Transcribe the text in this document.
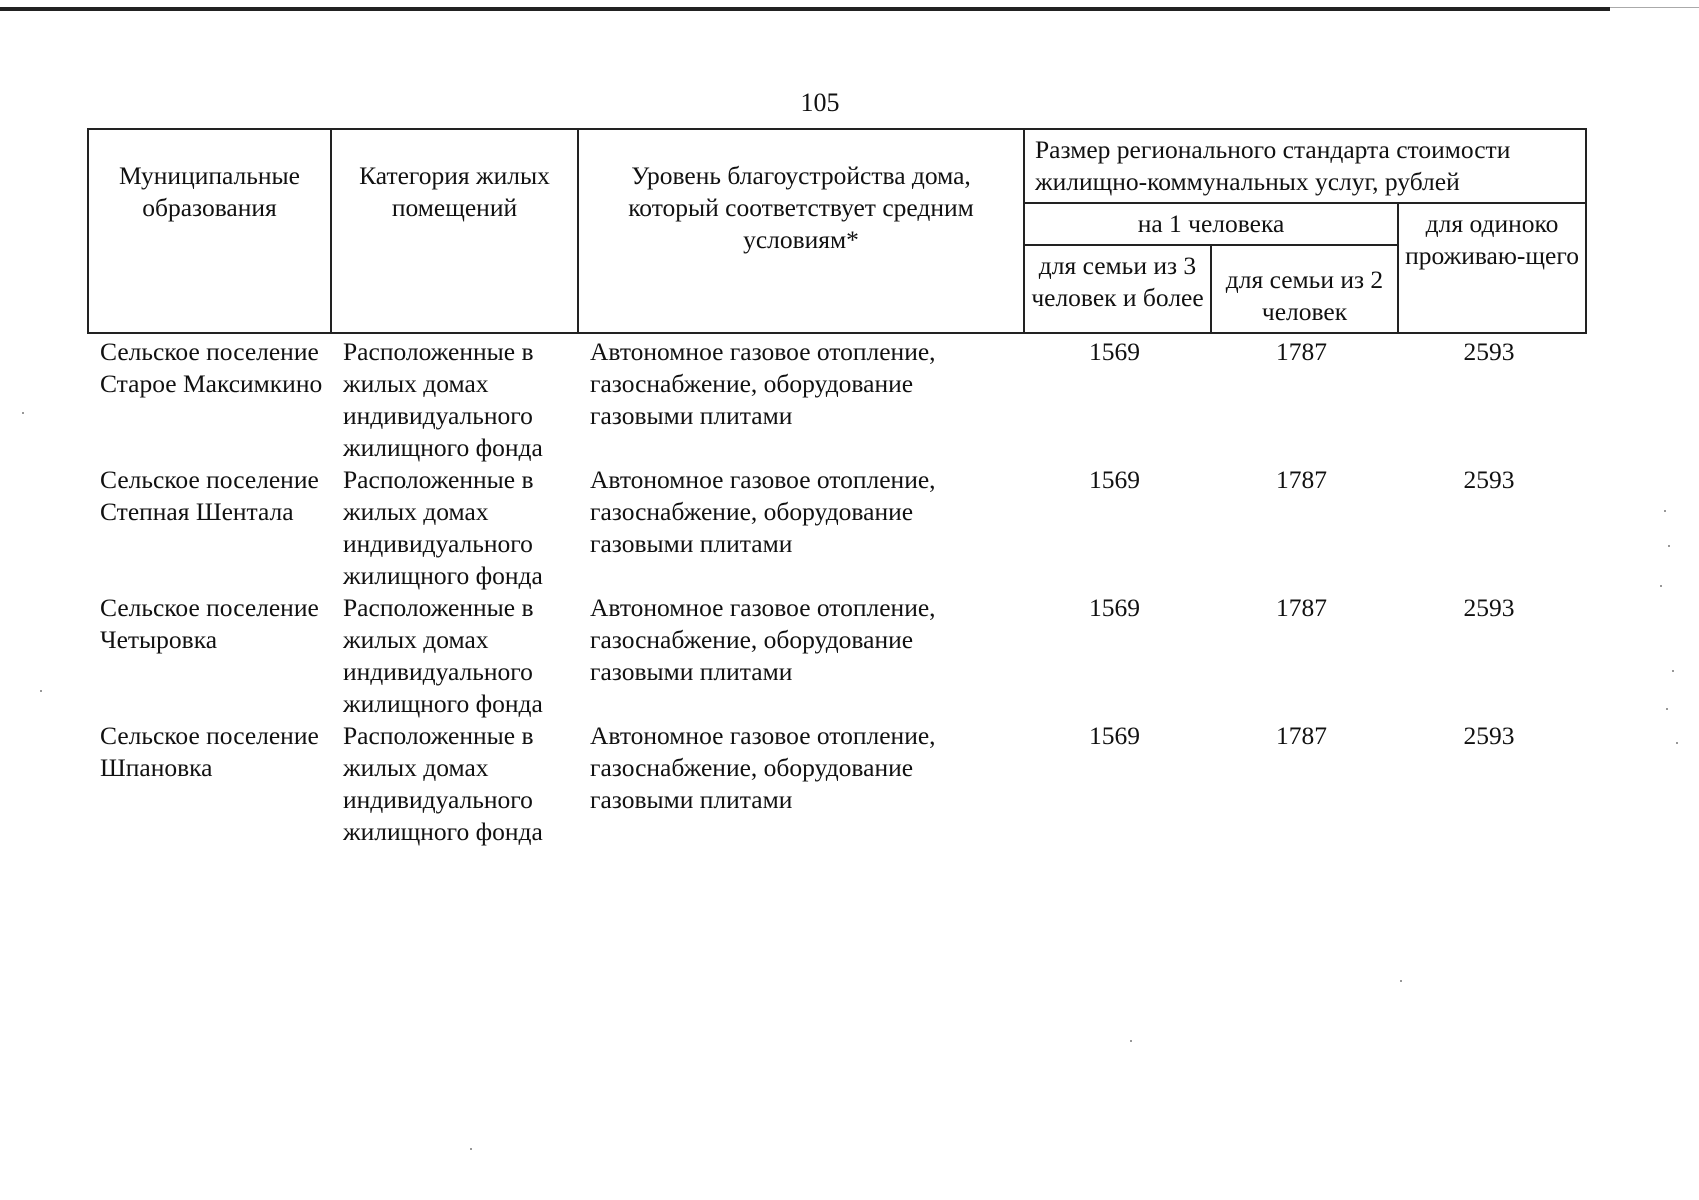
105
Муниципальные образования	Категория жилых помещений	Уровень благоустройства дома, который соответствует средним условиям*	Размер регионального стандарта стоимости жилищно-коммунальных услуг, рублей		
			на 1 человека		для одиноко проживаю-щего
			для семьи из 3 человек и более	для семьи из 2 человек	
Сельское поселение Старое Максимкино	Расположенные в жилых домах индивидуального жилищного фонда	Автономное газовое отопление, газоснабжение, оборудование газовыми плитами	1569	1787	2593
Сельское поселение Степная Шентала	Расположенные в жилых домах индивидуального жилищного фонда	Автономное газовое отопление, газоснабжение, оборудование газовыми плитами	1569	1787	2593
Сельское поселение Четыровка	Расположенные в жилых домах индивидуального жилищного фонда	Автономное газовое отопление, газоснабжение, оборудование газовыми плитами	1569	1787	2593
Сельское поселение Шпановка	Расположенные в жилых домах индивидуального жилищного фонда	Автономное газовое отопление, газоснабжение, оборудование газовыми плитами	1569	1787	2593
